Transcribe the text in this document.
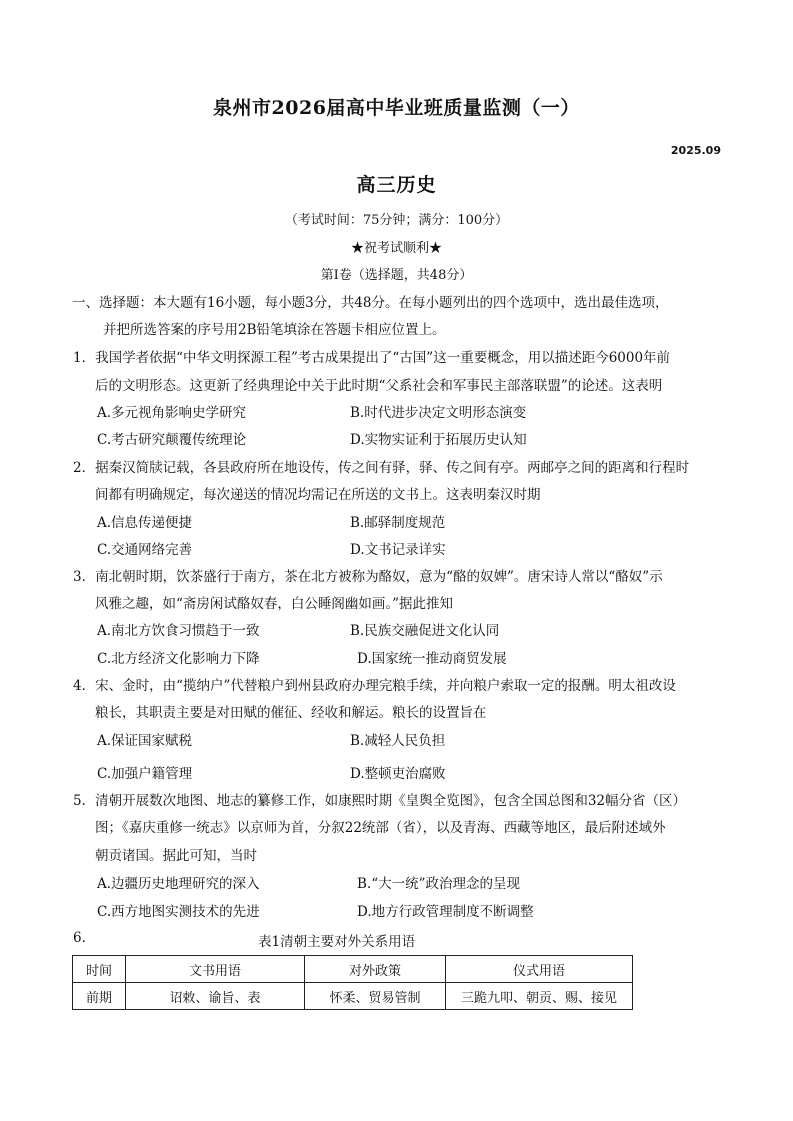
泉州市2026届高中毕业班质量监测（一）
2025.09
高三历史
（考试时间：75分钟；满分：100分）
★祝考试顺利★
第Ⅰ卷（选择题，共48分）
一、选择题：本大题有16小题，每小题3分，共48分。在每小题列出的四个选项中，选出最佳选项，
并把所选答案的序号用2B铅笔填涂在答题卡相应位置上。
1．我国学者依据“中华文明探源工程”考古成果提出了“古国”这一重要概念，用以描述距今6000年前
后的文明形态。这更新了经典理论中关于此时期“父系社会和军事民主部落联盟”的论述。这表明
A.多元视角影响史学研究	B.时代进步决定文明形态演变
C.考古研究颠覆传统理论	D.实物实证利于拓展历史认知
2．据秦汉简牍记载，各县政府所在地设传，传之间有驿，驿、传之间有亭。两邮亭之间的距离和行程时
间都有明确规定，每次递送的情况均需记在所送的文书上。这表明秦汉时期
A.信息传递便捷	B.邮驿制度规范
C.交通网络完善	D.文书记录详实
3．南北朝时期，饮茶盛行于南方，茶在北方被称为酪奴，意为“酪的奴婢”。唐宋诗人常以“酪奴”示
风雅之趣，如“斋房闲试酪奴春，白公睡阁幽如画。”据此推知
A.南北方饮食习惯趋于一致	B.民族交融促进文化认同
C.北方经济文化影响力下降	D.国家统一推动商贸发展
4．宋、金时，由“揽纳户”代替粮户到州县政府办理完粮手续，并向粮户索取一定的报酬。明太祖改设
粮长，其职责主要是对田赋的催征、经收和解运。粮长的设置旨在
A.保证国家赋税	B.减轻人民负担
C.加强户籍管理	D.整顿吏治腐败
5．清朝开展数次地图、地志的纂修工作，如康熙时期《皇舆全览图》，包含全国总图和32幅分省（区）
图；《嘉庆重修一统志》以京师为首，分叙22统部（省），以及青海、西藏等地区，最后附述域外
朝贡诸国。据此可知，当时
A.边疆历史地理研究的深入	B.“大一统”政治理念的呈现
C.西方地图实测技术的先进	D.地方行政管理制度不断调整
6.	表1清朝主要对外关系用语
时间	文书用语	对外政策	仪式用语
前期	诏敕、谕旨、表	怀柔、贸易管制	三跪九叩、朝贡、赐、接见
